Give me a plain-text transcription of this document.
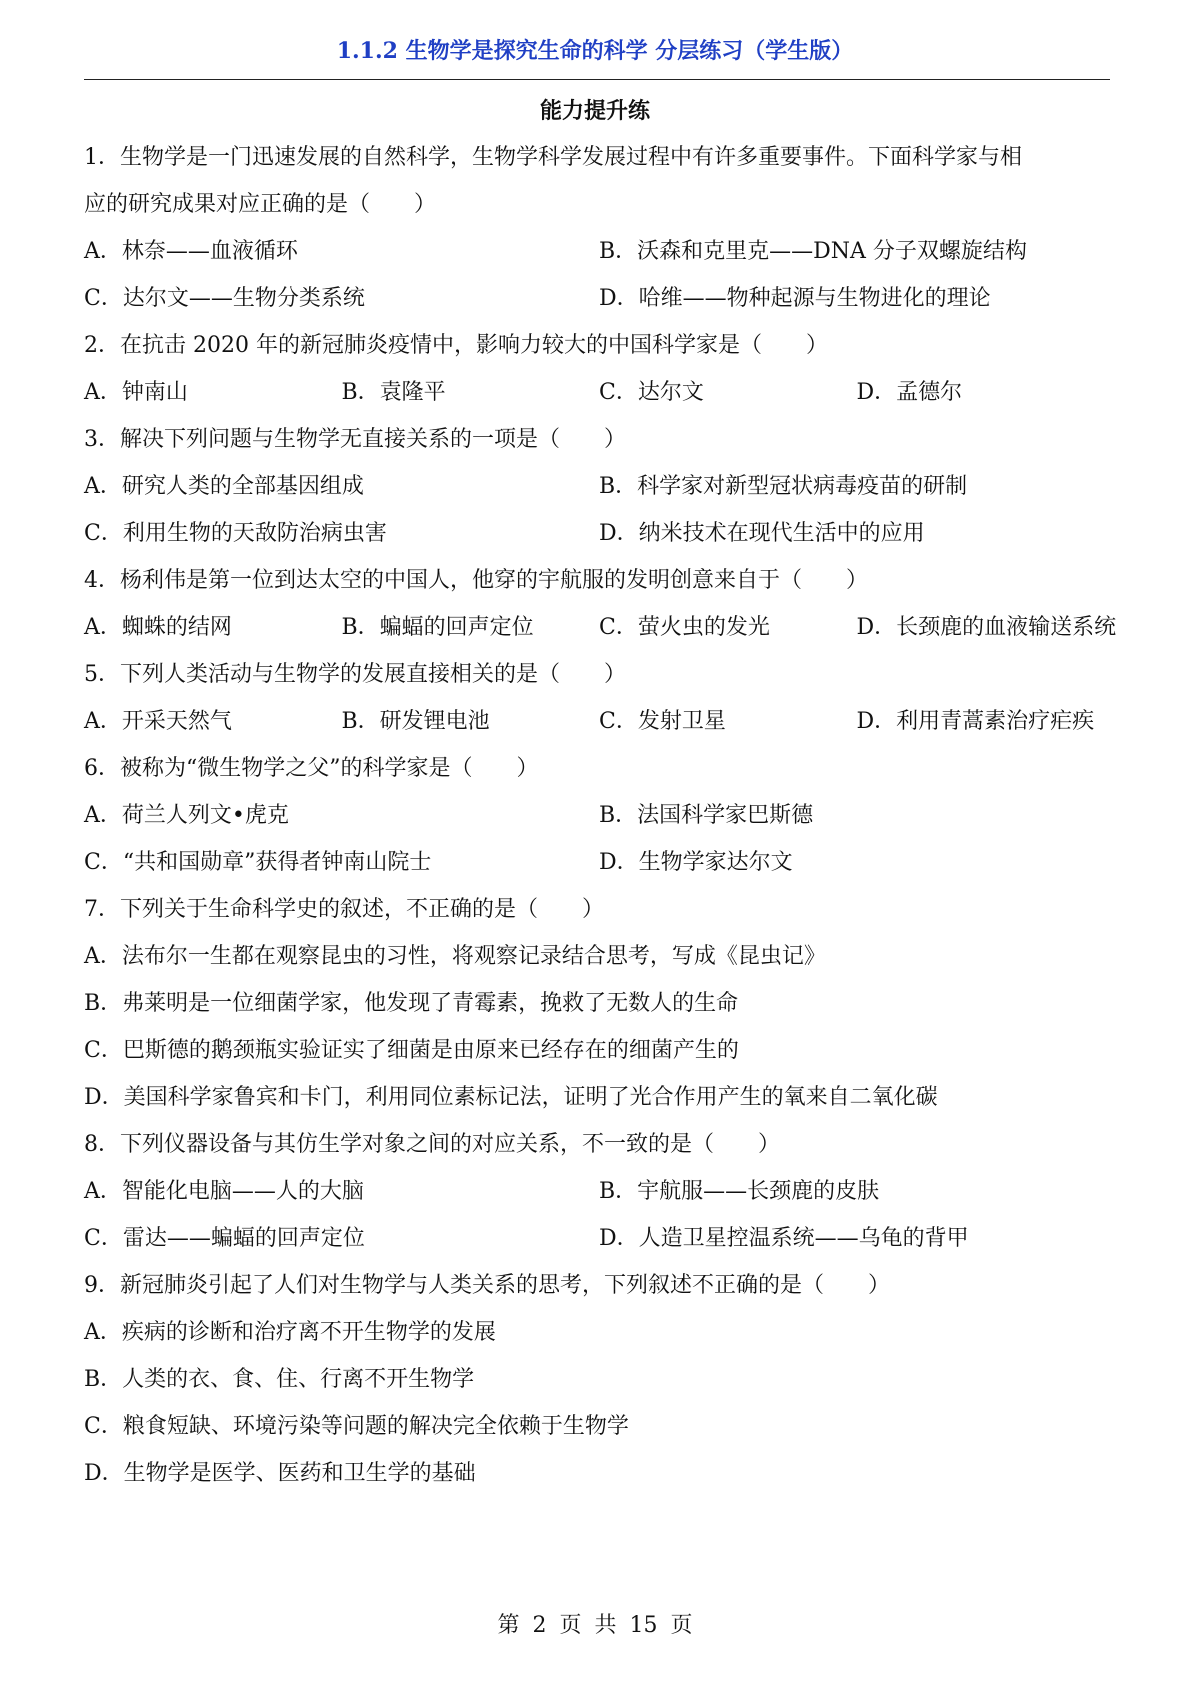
1.1.2 生物学是探究生命的科学 分层练习（学生版）
能力提升练
1．生物学是一门迅速发展的自然科学，生物学科学发展过程中有许多重要事件。下面科学家与相
应的研究成果对应正确的是（　　）
A．林奈——血液循环	B．沃森和克里克——DNA 分子双螺旋结构
C．达尔文——生物分类系统	D．哈维——物种起源与生物进化的理论
2．在抗击 2020 年的新冠肺炎疫情中，影响力较大的中国科学家是（　　）
A．钟南山	B．袁隆平	C．达尔文	D．孟德尔
3．解决下列问题与生物学无直接关系的一项是（　　）
A．研究人类的全部基因组成	B．科学家对新型冠状病毒疫苗的研制
C．利用生物的天敌防治病虫害	D．纳米技术在现代生活中的应用
4．杨利伟是第一位到达太空的中国人，他穿的宇航服的发明创意来自于（　　）
A．蜘蛛的结网	B．蝙蝠的回声定位	C．萤火虫的发光	D．长颈鹿的血液输送系统
5．下列人类活动与生物学的发展直接相关的是（　　）
A．开采天然气	B．研发锂电池	C．发射卫星	D．利用青蒿素治疗疟疾
6．被称为“微生物学之父”的科学家是（　　）
A．荷兰人列文•虎克	B．法国科学家巴斯德
C．“共和国勋章”获得者钟南山院士	D．生物学家达尔文
7．下列关于生命科学史的叙述，不正确的是（　　）
A．法布尔一生都在观察昆虫的习性，将观察记录结合思考，写成《昆虫记》
B．弗莱明是一位细菌学家，他发现了青霉素，挽救了无数人的生命
C．巴斯德的鹅颈瓶实验证实了细菌是由原来已经存在的细菌产生的
D．美国科学家鲁宾和卡门，利用同位素标记法，证明了光合作用产生的氧来自二氧化碳
8．下列仪器设备与其仿生学对象之间的对应关系，不一致的是（　　）
A．智能化电脑——人的大脑	B．宇航服——长颈鹿的皮肤
C．雷达——蝙蝠的回声定位	D．人造卫星控温系统——乌龟的背甲
9．新冠肺炎引起了人们对生物学与人类关系的思考，下列叙述不正确的是（　　）
A．疾病的诊断和治疗离不开生物学的发展
B．人类的衣、食、住、行离不开生物学
C．粮食短缺、环境污染等问题的解决完全依赖于生物学
D．生物学是医学、医药和卫生学的基础
第 2 页 共 15 页
